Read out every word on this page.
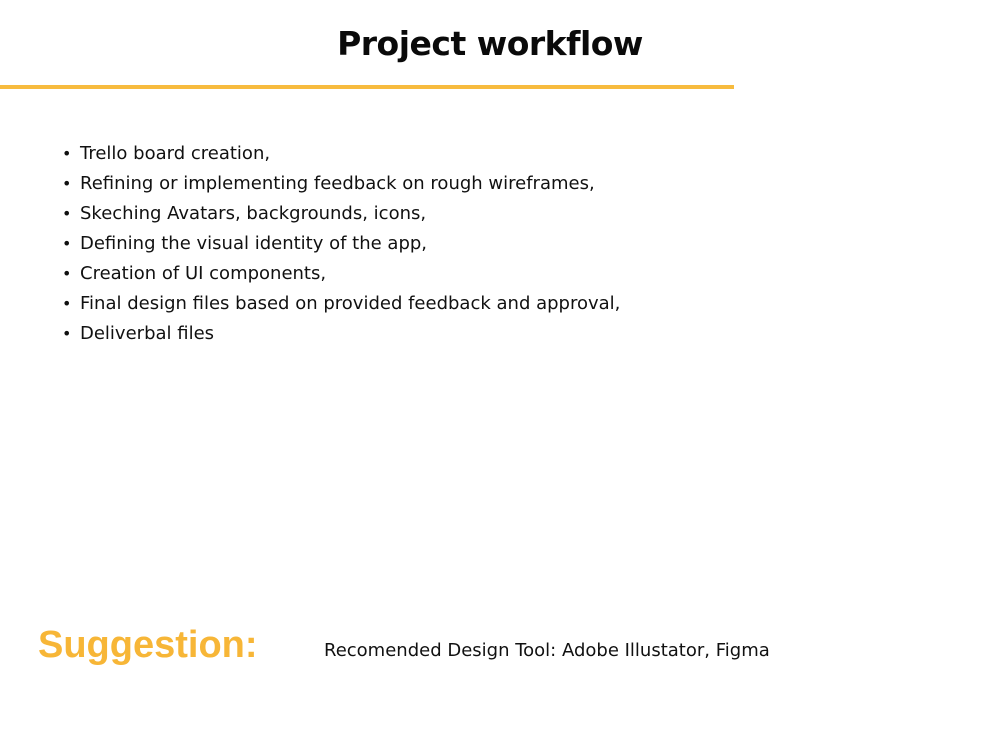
Project workflow
• Trello board creation,
• Refining or implementing feedback on rough wireframes,
• Skeching Avatars, backgrounds, icons,
• Defining the visual identity of the app,
• Creation of UI components,
• Final design files based on provided feedback and approval,
• Deliverbal files
Suggestion:	Recomended Design Tool: Adobe Illustator, Figma
